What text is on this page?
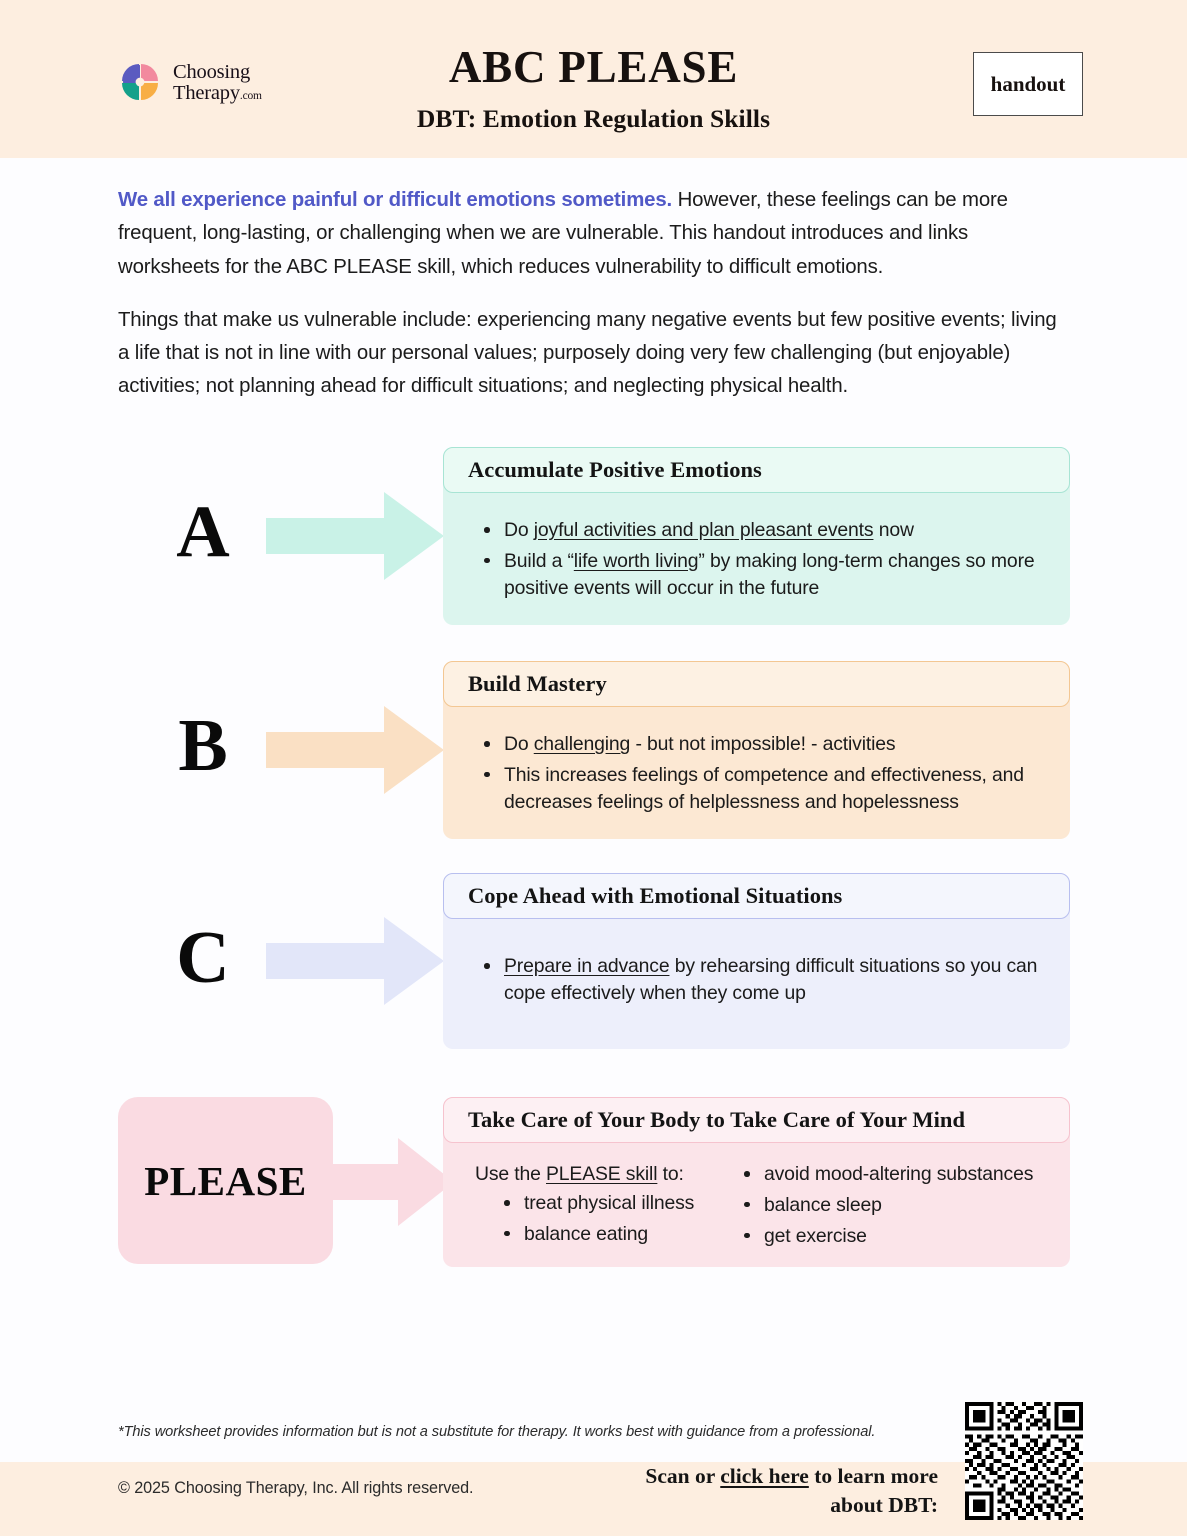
Choosing
Therapy.com
ABC PLEASE
DBT: Emotion Regulation Skills
handout

We all experience painful or difficult emotions sometimes. However, these feelings can be more frequent, long-lasting, or challenging when we are vulnerable. This handout introduces and links worksheets for the ABC PLEASE skill, which reduces vulnerability to difficult emotions.

Things that make us vulnerable include: experiencing many negative events but few positive events; living a life that is not in line with our personal values; purposely doing very few challenging (but enjoyable) activities; not planning ahead for difficult situations; and neglecting physical health.

A
Accumulate Positive Emotions
Do joyful activities and plan pleasant events now
Build a “life worth living” by making long-term changes so more positive events will occur in the future
B
Build Mastery
Do challenging - but not impossible! - activities
This increases feelings of competence and effectiveness, and decreases feelings of helplessness and hopelessness
C
Cope Ahead with Emotional Situations
Prepare in advance by rehearsing difficult situations so you can cope effectively when they come up
PLEASE
Take Care of Your Body to Take Care of Your Mind
Use the PLEASE skill to:
treat physical illness
balance eating
avoid mood-altering substances
balance sleep
get exercise
*This worksheet provides information but is not a substitute for therapy. It works best with guidance from a professional.
© 2025 Choosing Therapy, Inc. All rights reserved.	Scan or click here to learn more
about DBT:
